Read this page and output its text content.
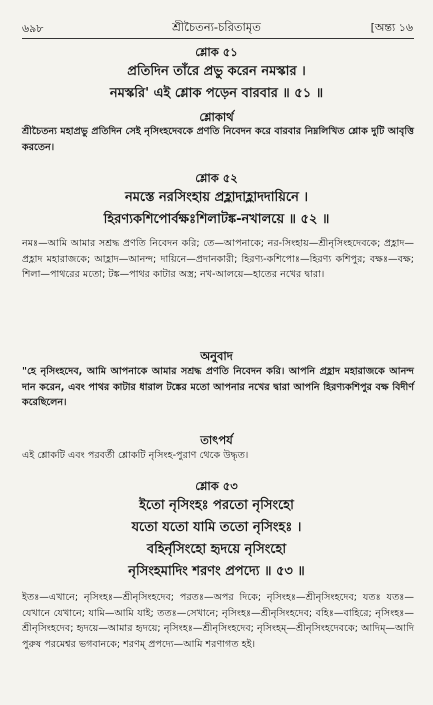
৬৯৮	শ্রীচৈতন্য-চরিতামৃত	[অন্ত্য ১৬
শ্লোক ৫১
প্রতিদিন তাঁরে প্রভু করেন নমস্কার ।
নমস্করি' এই শ্লোক পড়েন বারবার ॥ ৫১ ॥
শ্লোকার্থ
শ্রীচৈতন্য মহাপ্রভু প্রতিদিন সেই নৃসিংহদেবকে প্রণতি নিবেদন করে বারবার নিম্নলিখিত শ্লোক দুটি আবৃত্তি করতেন।
শ্লোক ৫২
নমস্তে নরসিংহায় প্রহ্লাদাহ্লাদদায়িনে ।
হিরণ্যকশিপোর্বক্ষঃশিলাটঙ্ক-নখালয়ে ॥ ৫২ ॥
নমঃ—আমি আমার সশ্রদ্ধ প্রণতি নিবেদন করি; তে—আপনাকে; নর-সিংহায়—শ্রীনৃসিংহদেবকে; প্রহ্লাদ—প্রহ্লাদ মহারাজকে; আহ্লাদ—আনন্দ; দায়িনে—প্রদানকারী; হিরণ্য-কশিপোঃ—হিরণ্য কশিপুর; বক্ষঃ—বক্ষ; শিলা—পাথরের মতো; টঙ্ক—পাথর কাটার অস্ত্র; নখ-আলয়ে—হাতের নখের দ্বারা।
অনুবাদ
"হে নৃসিংহদেব, আমি আপনাকে আমার সশ্রদ্ধ প্রণতি নিবেদন করি। আপনি প্রহ্লাদ মহারাজকে আনন্দ দান করেন, এবং পাথর কাটার ধারাল টঙ্কের মতো আপনার নখের দ্বারা আপনি হিরণ্যকশিপুর বক্ষ বিদীর্ণ করেছিলেন।
তাৎপর্য
এই শ্লোকটি এবং পরবর্তী শ্লোকটি নৃসিংহ-পুরাণ থেকে উদ্ধৃত।
শ্লোক ৫৩
ইতো নৃসিংহঃ পরতো নৃসিংহো
যতো যতো যামি ততো নৃসিংহঃ ।
বহির্নৃসিংহো হৃদয়ে নৃসিংহো
নৃসিংহমাদিং শরণং প্রপদ্যে ॥ ৫৩ ॥
ইতঃ—এখানে; নৃসিংহঃ—শ্রীনৃসিংহদেব; পরতঃ—অপর দিকে; নৃসিংহঃ—শ্রীনৃসিংহদেব; যতঃ যতঃ—যেখানে যেখানে; যামি—আমি যাই; ততঃ—সেখানে; নৃসিংহঃ—শ্রীনৃসিংহদেব; বহিঃ—বাহিরে; নৃসিংহঃ—শ্রীনৃসিংহদেব; হৃদয়ে—আমার হৃদয়ে; নৃসিংহঃ—শ্রীনৃসিংহদেব; নৃসিংহম্—শ্রীনৃসিংহদেবকে; আদিম্—আদি পুরুষ পরমেশ্বর ভগবানকে; শরণম্ প্রপদ্যে—আমি শরণাগত হই।
